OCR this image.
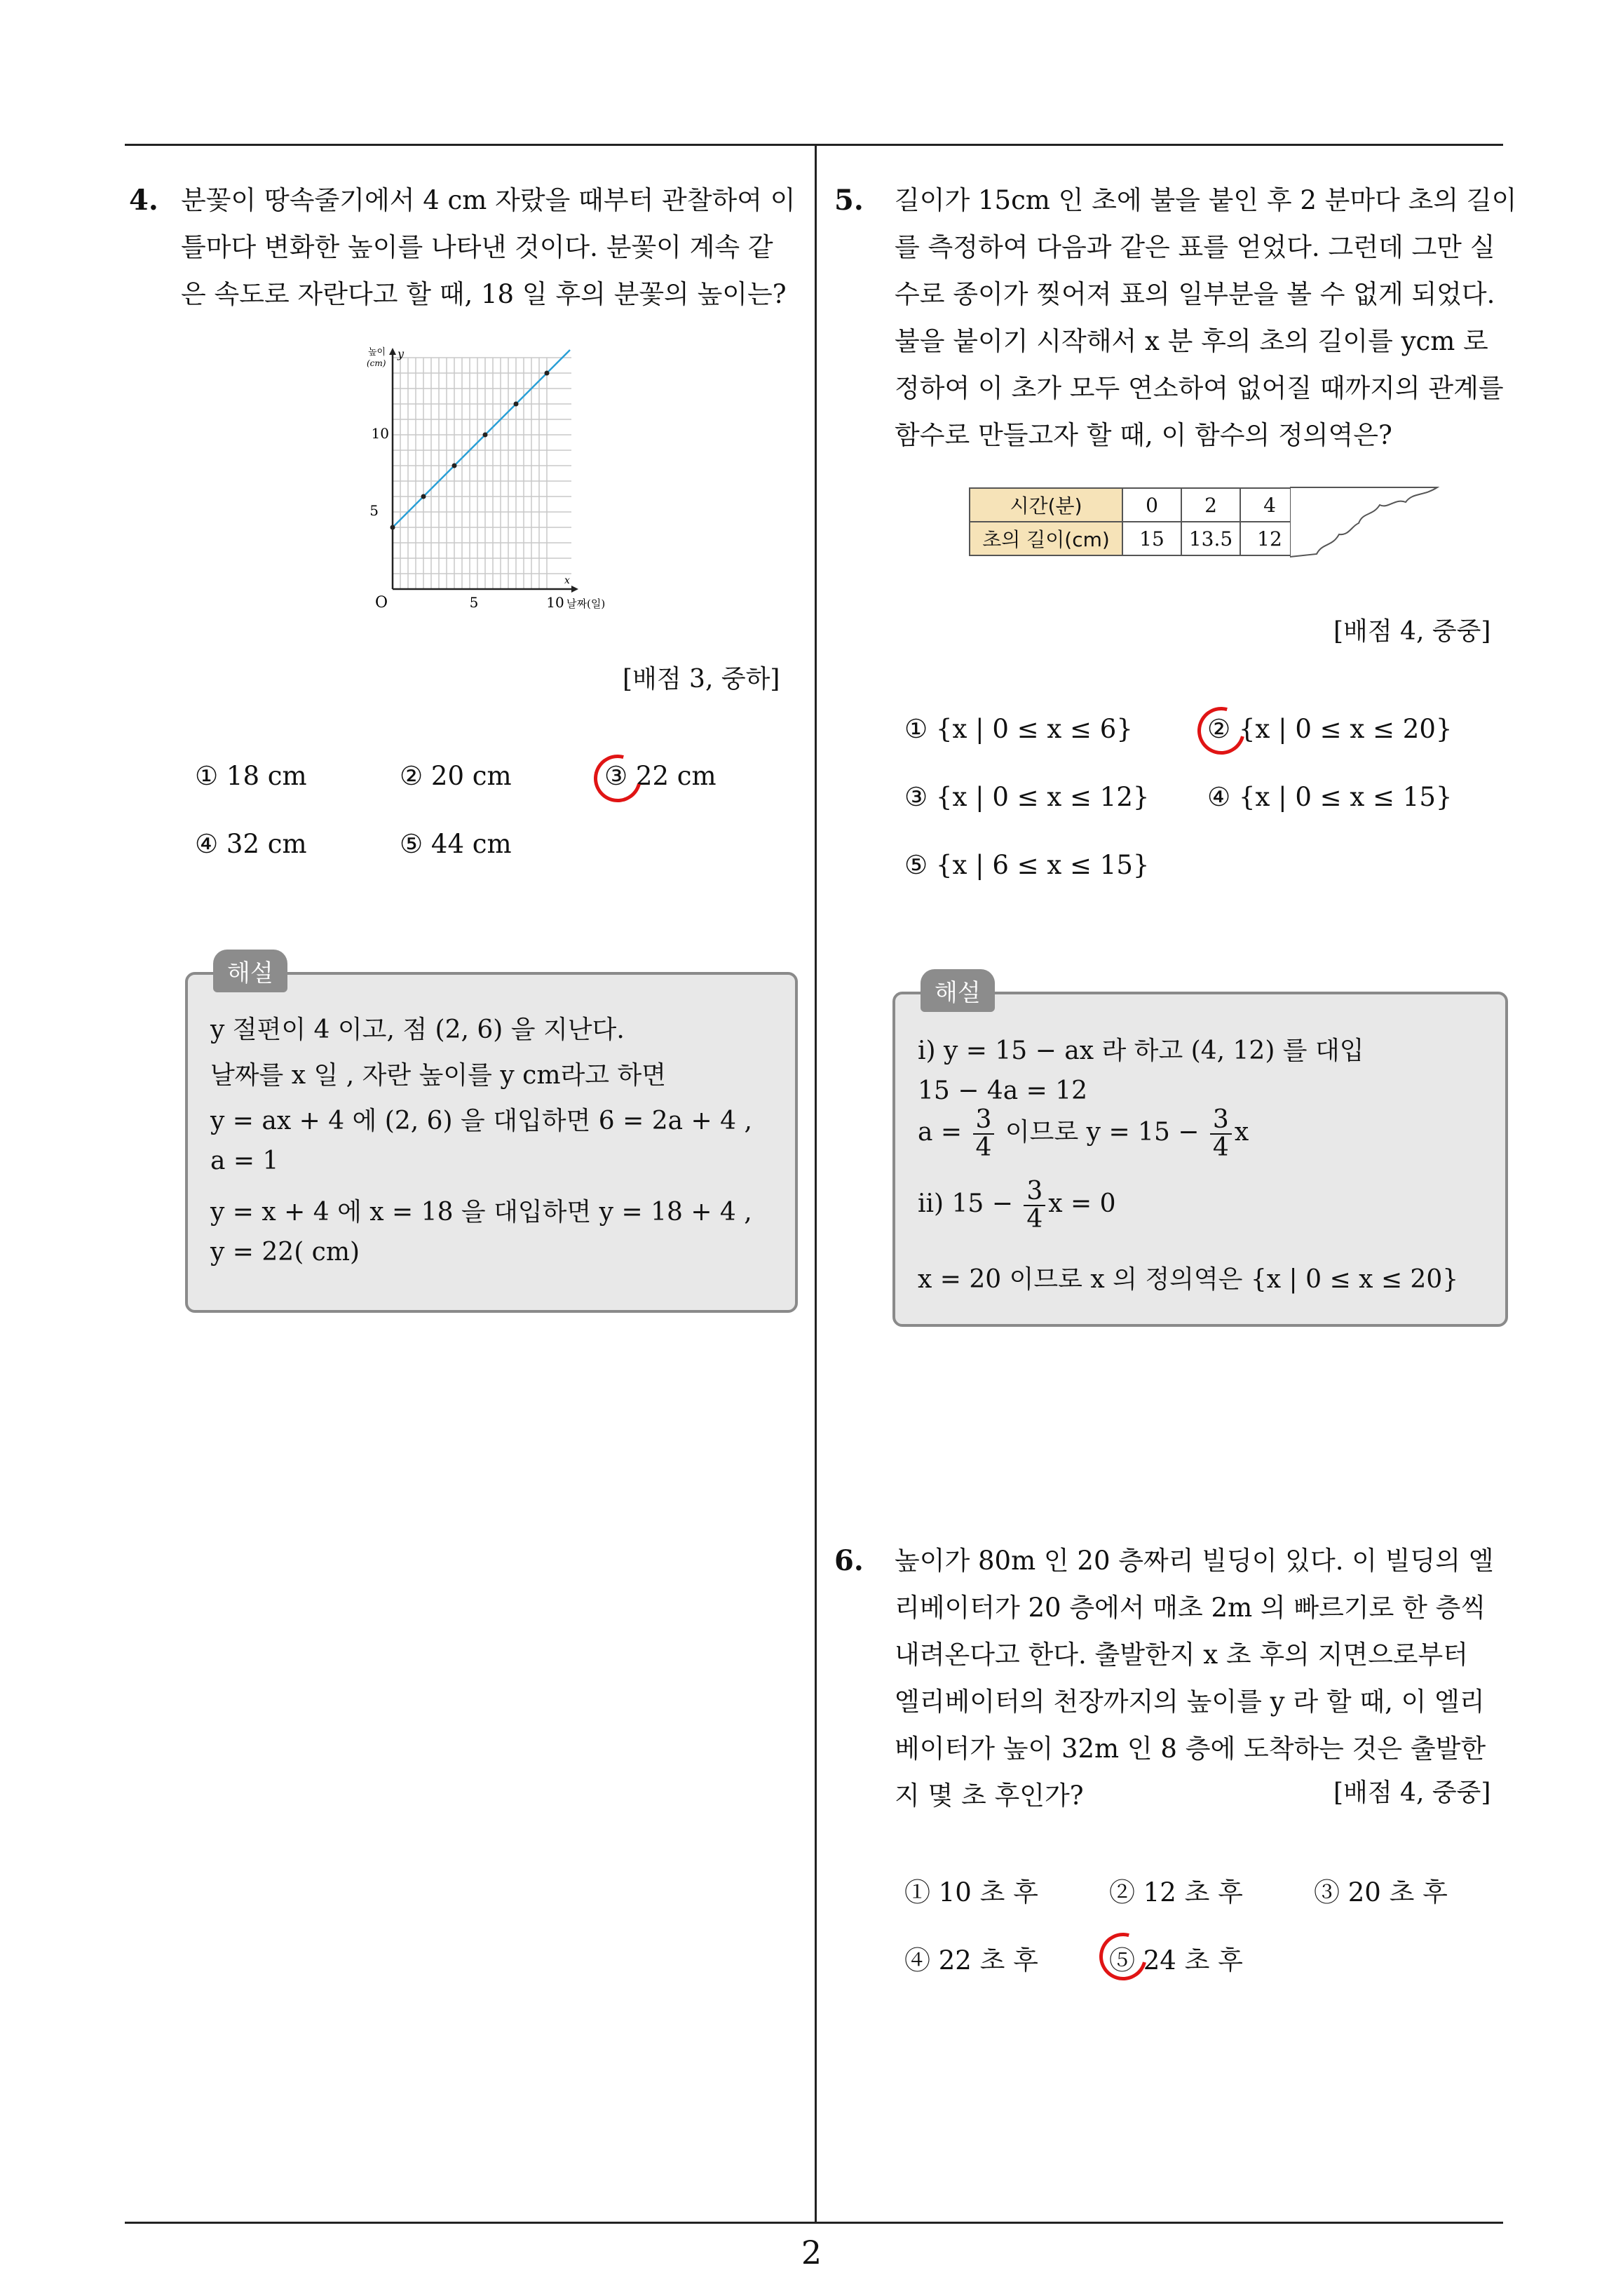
2
4. 분꽃이 땅속줄기에서 4 cm 자랐을 때부터 관찰하여 이
틀마다 변화한 높이를 나타낸 것이다. 분꽃이 계속 같
은 속도로 자란다고 할 때, 18 일 후의 분꽃의 높이는?
높이
(cm)
y
x
O
5
10
5	10 날짜(일)
[배점 3, 중하]
① 18 cm	② 20 cm	③ 22 cm
④ 32 cm	⑤ 44 cm
해설
y 절편이 4 이고, 점 (2, 6) 을 지난다.
날짜를 x 일 , 자란 높이를 y cm라고 하면
y = ax + 4 에 (2, 6) 을 대입하면 6 = 2a + 4 ,
a = 1
y = x + 4 에 x = 18 을 대입하면 y = 18 + 4 ,
y = 22( cm)
5. 길이가 15cm 인 초에 불을 붙인 후 2 분마다 초의 길이
를 측정하여 다음과 같은 표를 얻었다. 그런데 그만 실
수로 종이가 찢어져 표의 일부분을 볼 수 없게 되었다.
불을 붙이기 시작해서 x 분 후의 초의 길이를 ycm 로
정하여 이 초가 모두 연소하여 없어질 때까지의 관계를
함수로 만들고자 할 때, 이 함수의 정의역은?
시간(분)	0	2	4	
초의 길이(cm)	15	13.5	12	
[배점 4, 중중]
① {x | 0 ≤ x ≤ 6}	② {x | 0 ≤ x ≤ 20}
③ {x | 0 ≤ x ≤ 12} ④ {x | 0 ≤ x ≤ 15}
⑤ {x | 6 ≤ x ≤ 15}
해설
ⅰ) y = 15 − ax 라 하고 (4, 12) 를 대입
15 − 4a = 12
$a = \frac{3}{4}$ 이므로 $y = 15 - \frac{3}{4}$ x
ⅱ) $15 - \frac{3}{4}$ x = 0
x = 20 이므로 x 의 정의역은 {x | 0 ≤ x ≤ 20}
6. 높이가 80m 인 20 층짜리 빌딩이 있다. 이 빌딩의 엘
리베이터가 20 층에서 매초 2m 의 빠르기로 한 층씩
내려온다고 한다. 출발한지 x 초 후의 지면으로부터
엘리베이터의 천장까지의 높이를 y 라 할 때, 이 엘리
베이터가 높이 32m 인 8 층에 도착하는 것은 출발한
지 몇 초 후인가?	[배점 4, 중중]
① 10 초 후	② 12 초 후	③ 20 초 후
④ 22 초 후	⑤ 24 초 후
